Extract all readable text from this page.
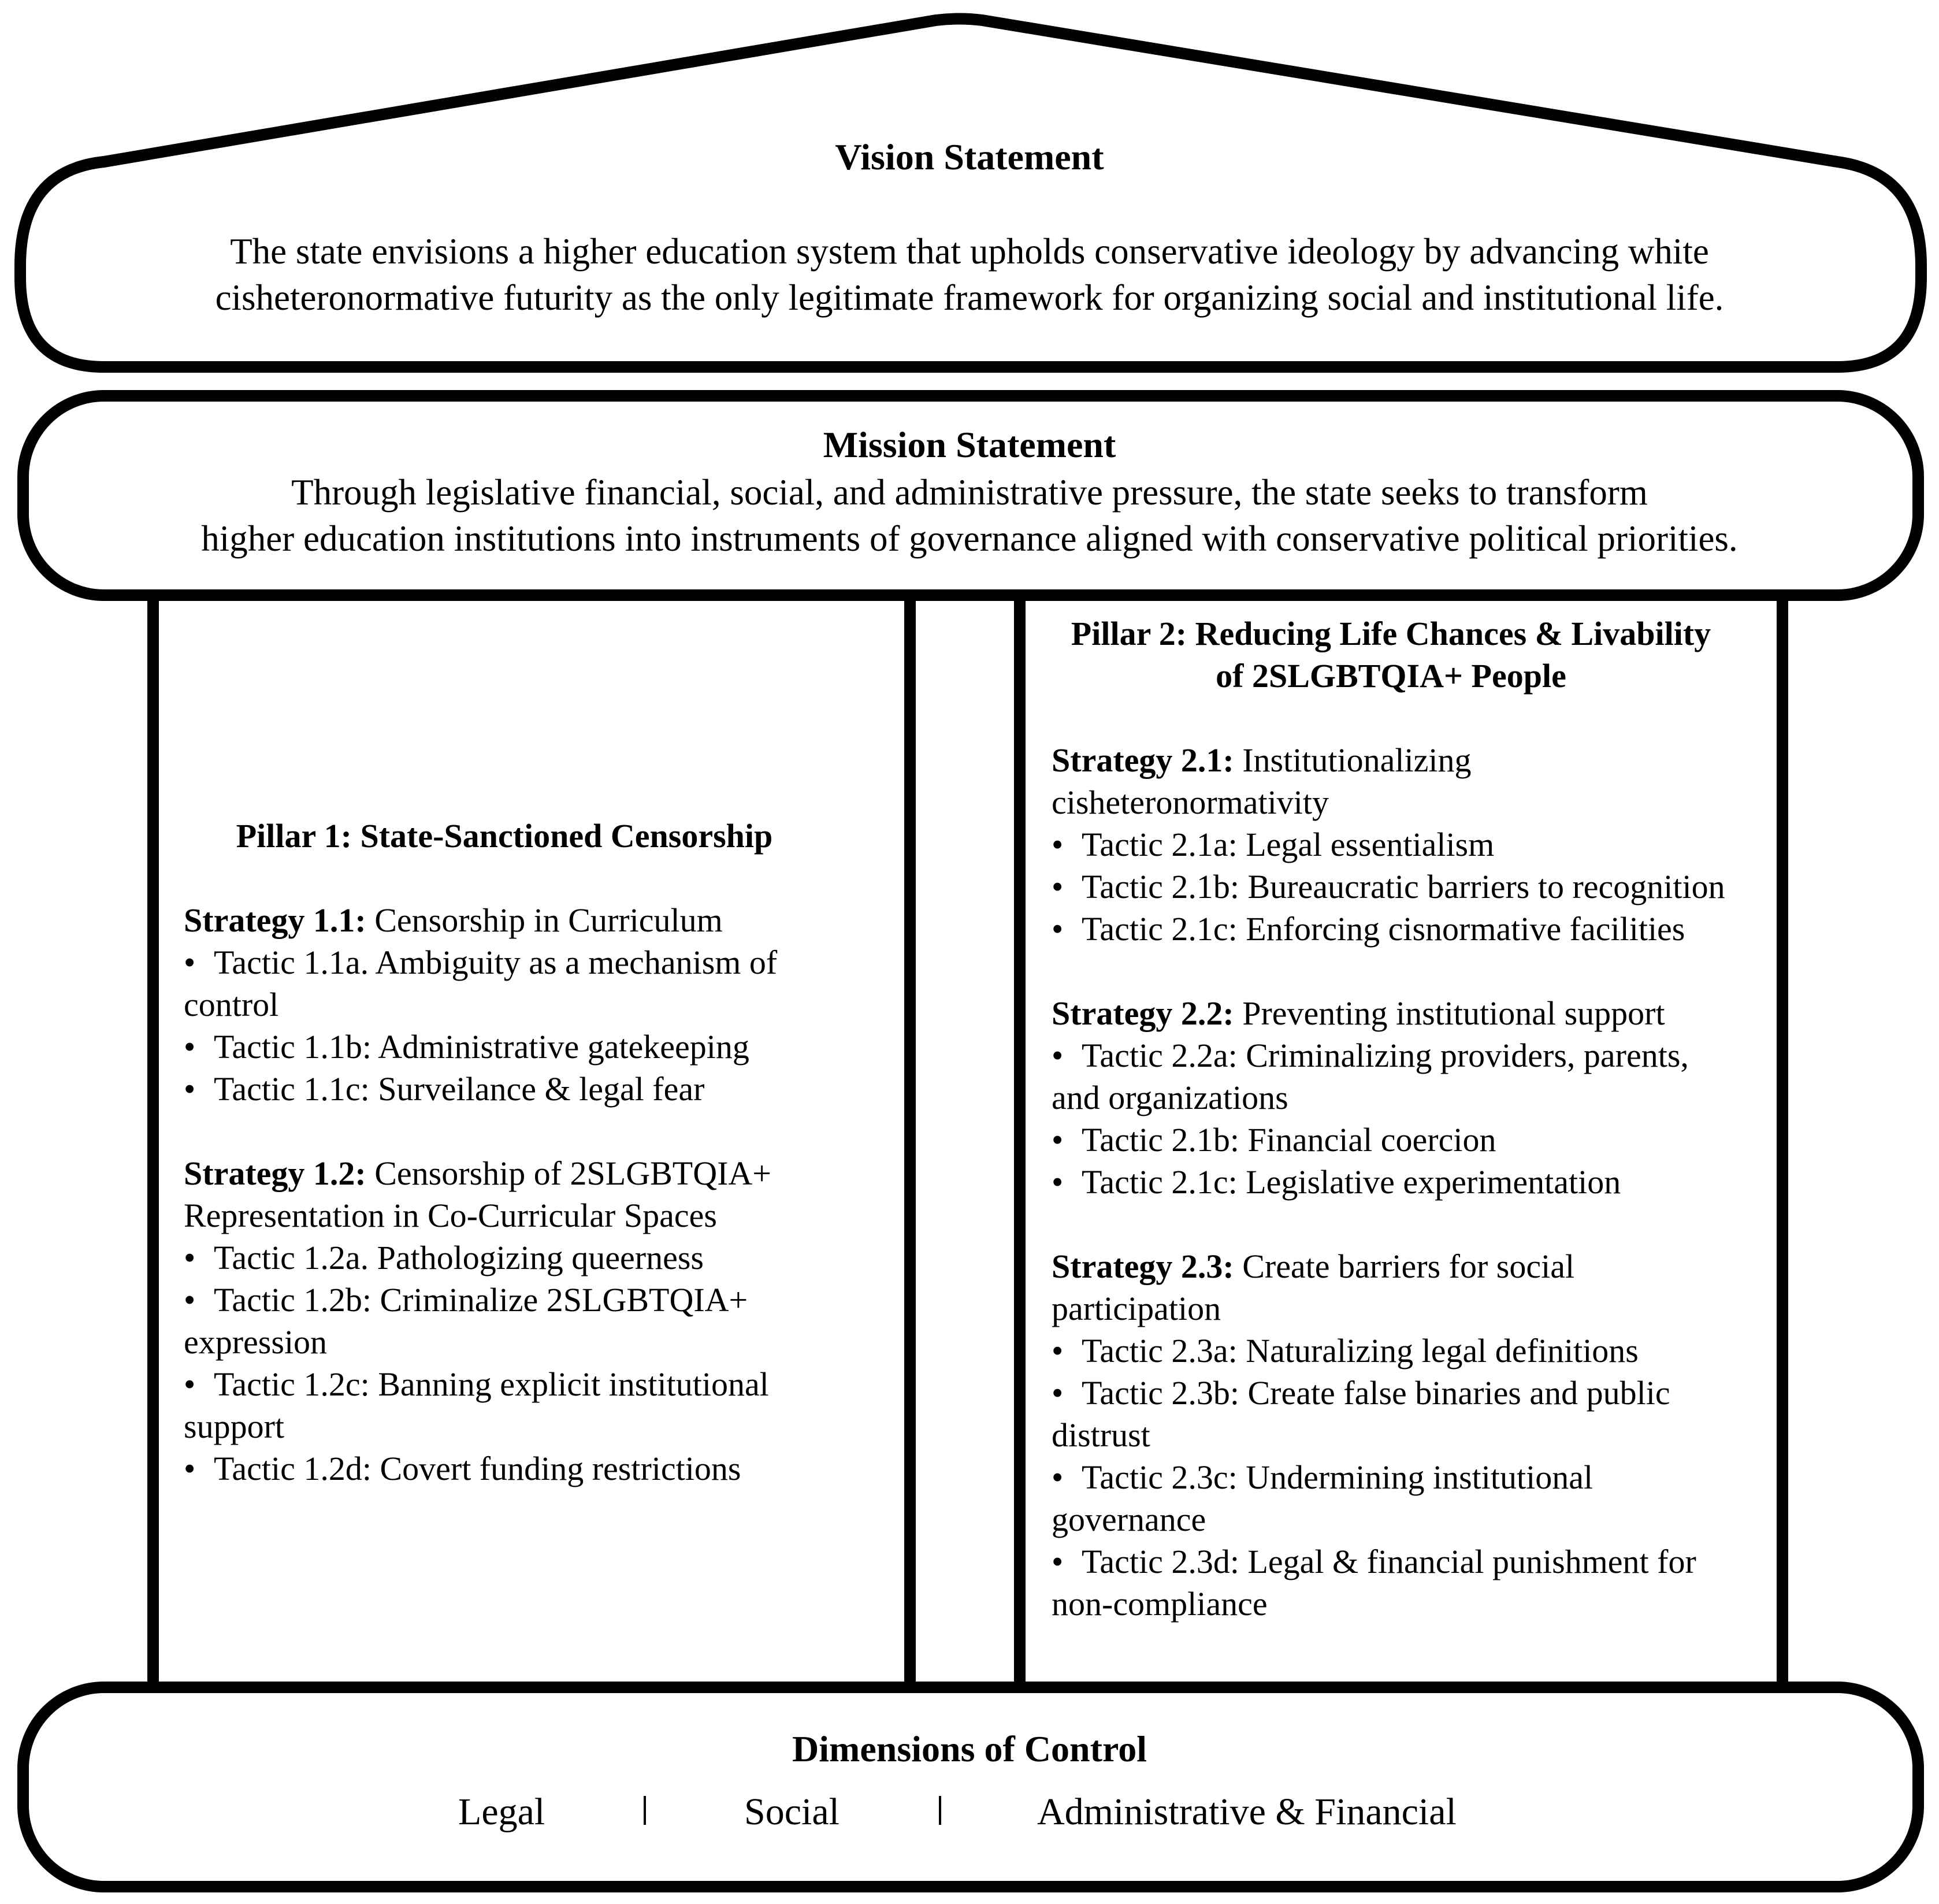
Vision Statement
The state envisions a higher education system that upholds conservative ideology by advancing white
cisheteronormative futurity as the only legitimate framework for organizing social and institutional life.
Mission Statement
Through legislative financial, social, and administrative pressure, the state seeks to transform
higher education institutions into instruments of governance aligned with conservative political priorities.
Pillar 1: State-Sanctioned Censorship
Strategy 1.1: Censorship in Curriculum
• Tactic 1.1a. Ambiguity as a mechanism of control
• Tactic 1.1b: Administrative gatekeeping
• Tactic 1.1c: Surveilance & legal fear
Strategy 1.2: Censorship of 2SLGBTQIA+ Representation in Co-Curricular Spaces
• Tactic 1.2a. Pathologizing queerness
• Tactic 1.2b: Criminalize 2SLGBTQIA+ expression
• Tactic 1.2c: Banning explicit institutional support
• Tactic 1.2d: Covert funding restrictions
Pillar 2: Reducing Life Chances & Livability of 2SLGBTQIA+ People
Strategy 2.1: Institutionalizing cisheteronormativity
• Tactic 2.1a: Legal essentialism
• Tactic 2.1b: Bureaucratic barriers to recognition
• Tactic 2.1c: Enforcing cisnormative facilities
Strategy 2.2: Preventing institutional support
• Tactic 2.2a: Criminalizing providers, parents, and organizations
• Tactic 2.1b: Financial coercion
• Tactic 2.1c: Legislative experimentation
Strategy 2.3: Create barriers for social participation
• Tactic 2.3a: Naturalizing legal definitions
• Tactic 2.3b: Create false binaries and public distrust
• Tactic 2.3c: Undermining institutional governance
• Tactic 2.3d: Legal & financial punishment for non-compliance
Dimensions of Control
Legal	Social	Administrative & Financial
